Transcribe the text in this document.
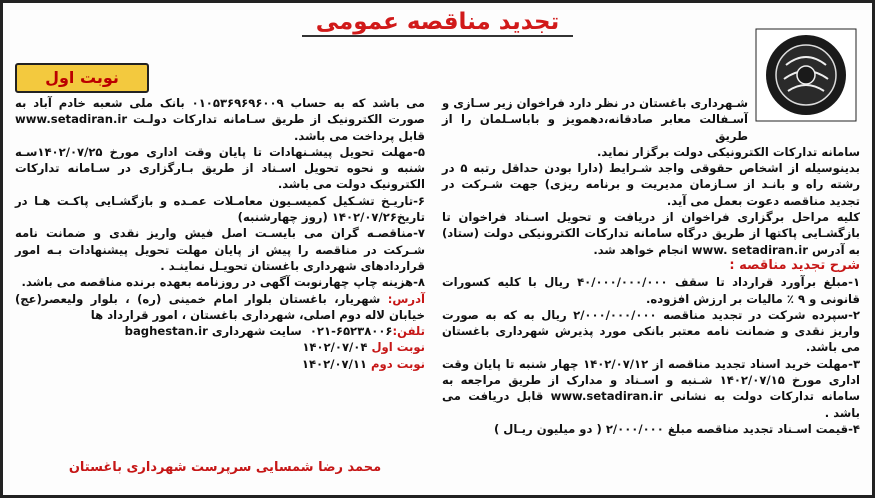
تجدید مناقصه عمومی
نوبت اول

شـهرداری باغستان در نظر دارد فراخوان زیر سـازی و آسـفالت معابر صادقانه،دهمویز و باباسـلمان را از طریق

سامانه تدارکات الکترونیکی دولت برگزار نماید.

بدینوسیله از اشخاص حقوقی واجد شـرایط (دارا بودن حداقل رتبه ۵ در رشته راه و بانـد از سـازمان مدیریت و برنامه ریزی) جهت شـرکت در تجدید مناقصه دعوت بعمل می آید.

کلیه مراحل برگزاری فراخوان از دریافت و تحویل اسـناد فراخوان تا بازگشـایی پاکتها از طریق درگاه سامانه تدارکات الکترونیکی دولت (ستاد) به آدرس www. setadiran.ir انجام خواهد شد.

شرح تجدید مناقصه :

۱-مبلغ برآورد قرارداد تا سقف ۴۰/۰۰۰/۰۰۰/۰۰۰ ریال با کلیه کسورات قانونی و ۹ ٪ مالیات بر ارزش افزوده.

۲-سپرده شرکت در تجدید مناقصه ۲/۰۰۰/۰۰۰/۰۰۰ ریال به که به صورت واریز نقدی و ضمانت نامه معتبر بانکی مورد پذیرش شهرداری باغستان می باشد.

۳-مهلت خرید اسناد تجدید مناقصه از ۱۴۰۲/۰۷/۱۲ چهار شنبه تا پایان وقت اداری مورخ ۱۴۰۲/۰۷/۱۵ شـنبه و اسـناد و مدارک از طریق مراجعه به سامانه تدارکات دولت به نشانی www.setadiran.ir قابل دریافت می باشد .

۴-قیمت اسـناد تجدید مناقصه مبلغ ۲/۰۰۰/۰۰۰ ( دو میلیون ریـال )

می باشد که به حساب ۰۱۰۵۳۶۹۶۹۶۰۰۹ بانک ملی شعبه خادم آباد به صورت الکترونیک از طریق سـامانه تدارکات دولـت www.setadiran.ir قابل پرداخت می باشد.

۵-مهلت تحویل پیشـنهادات تا پایان وقت اداری مورخ ۱۴۰۲/۰۷/۲۵سـه شنبه و نحوه تحویل اسـناد از طریق بـارگزاری در سـامانه تدارکات الکترونیک دولت می باشد.

۶-تاریـخ تشـکیل کمیسـیون معامـلات عمـده و بازگشـایی پاکـت هـا در تاریخ۱۴۰۲/۰۷/۲۶ (روز چهارشنبه)

۷-مناقصـه گران می بایسـت اصل فیش واریز نقدی و ضمانت نامه شـرکت در مناقصه را پیش از پایان مهلت تحویل پیشنهادات بـه امور قراردادهای شهرداری باغستان تحویـل نماینـد .

۸-هزینه چاپ چهارنوبت آگهی در روزنامه بعهده برنده مناقصه می باشد.

آدرس: شهریار، باغستان بلوار امام خمینی (ره) ، بلوار ولیعصر(عج) خیابان لاله دوم اصلی، شهرداری باغستان ، امور قرارداد ها

تلفن: ۰۲۱-۶۵۲۳۸۰۰۶ سایت شهرداری baghestan.ir

نوبت اول ۱۴۰۲/۰۷/۰۴

نوبت دوم ۱۴۰۲/۰۷/۱۱

محمد رضا شمسایی سرپرست شهرداری باغستان
